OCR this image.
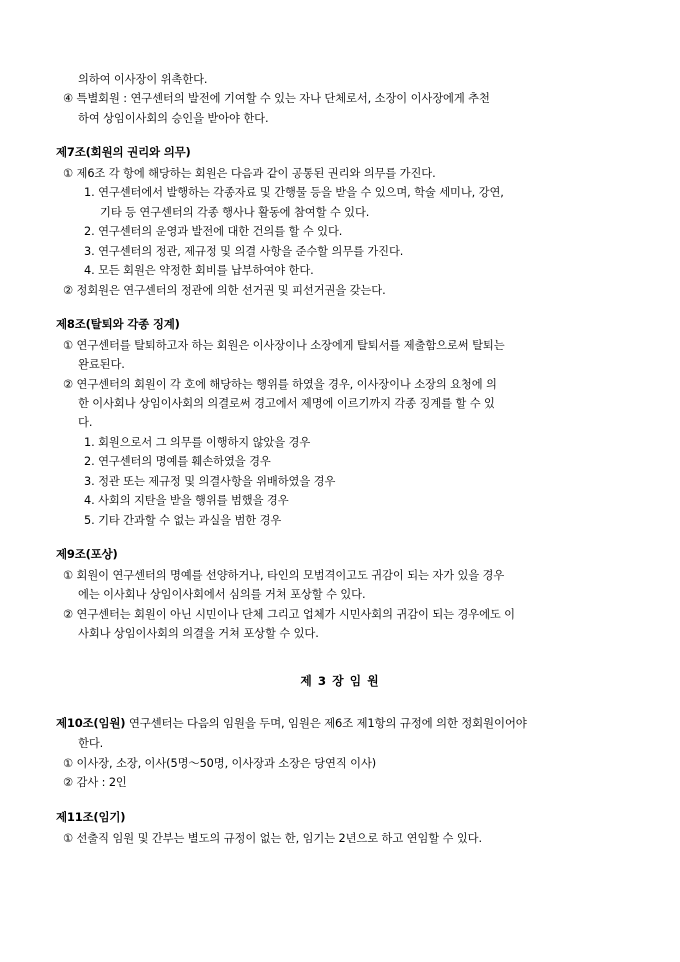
의하여 이사장이 위촉한다.
④ 특별회원 : 연구센터의 발전에 기여할 수 있는 자나 단체로서, 소장이 이사장에게 추천
하여 상임이사회의 승인을 받아야 한다.
제7조(회원의 권리와 의무)
① 제6조 각 항에 해당하는 회원은 다음과 같이 공통된 권리와 의무를 가진다.
1. 연구센터에서 발행하는 각종자료 및 간행물 등을 받을 수 있으며, 학술 세미나, 강연,
기타 등 연구센터의 각종 행사나 활동에 참여할 수 있다.
2. 연구센터의 운영과 발전에 대한 건의를 할 수 있다.
3. 연구센터의 정관, 제규정 및 의결 사항을 준수할 의무를 가진다.
4. 모든 회원은 약정한 회비를 납부하여야 한다.
② 정회원은 연구센터의 정관에 의한 선거권 및 피선거권을 갖는다.
제8조(탈퇴와 각종 징계)
① 연구센터를 탈퇴하고자 하는 회원은 이사장이나 소장에게 탈퇴서를 제출함으로써 탈퇴는
완료된다.
② 연구센터의 회원이 각 호에 해당하는 행위를 하였을 경우, 이사장이나 소장의 요청에 의
한 이사회나 상임이사회의 의결로써 경고에서 제명에 이르기까지 각종 징계를 할 수 있
다.
1. 회원으로서 그 의무를 이행하지 않았을 경우
2. 연구센터의 명예를 훼손하였을 경우
3. 정관 또는 제규정 및 의결사항을 위배하였을 경우
4. 사회의 지탄을 받을 행위를 범했을 경우
5. 기타 간과할 수 없는 과실을 범한 경우
제9조(포상)
① 회원이 연구센터의 명예를 선양하거나, 타인의 모범격이고도 귀감이 되는 자가 있을 경우
에는 이사회나 상임이사회에서 심의를 거쳐 포상할 수 있다.
② 연구센터는 회원이 아닌 시민이나 단체 그리고 업체가 시민사회의 귀감이 되는 경우에도 이
사회나 상임이사회의 의결을 거쳐 포상할 수 있다.
제 3 장 임 원
제10조(임원) 연구센터는 다음의 임원을 두며, 임원은 제6조 제1항의 규정에 의한 정회원이어야
한다.
① 이사장, 소장, 이사(5명～50명, 이사장과 소장은 당연직 이사)
② 감사 : 2인
제11조(임기)
① 선출직 임원 및 간부는 별도의 규정이 없는 한, 임기는 2년으로 하고 연임할 수 있다.
